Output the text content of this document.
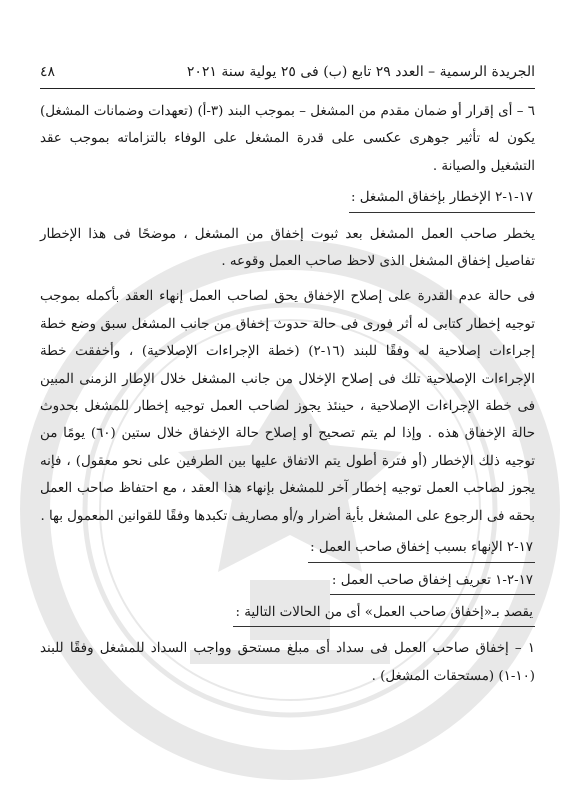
الجريدة الرسمية – العدد ٢٩ تابع (ب) فى ٢٥ يولية سنة ٢٠٢١
٤٨

٦ – أى إقرار أو ضمان مقدم من المشغل – بموجب البند (٣-أ) (تعهدات وضمانات المشغل) يكون له تأثير جوهرى عكسى على قدرة المشغل على الوفاء بالتزاماته بموجب عقد التشغيل والصيانة .

١٧-١-٢ الإخطار بإخفاق المشغل :

يخطر صاحب العمل المشغل بعد ثبوت إخفاق من المشغل ، موضحًا فى هذا الإخطار تفاصيل إخفاق المشغل الذى لاحظ صاحب العمل وقوعه .

فى حالة عدم القدرة على إصلاح الإخفاق يحق لصاحب العمل إنهاء العقد بأكمله بموجب توجيه إخطار كتابى له أثر فورى فى حالة حدوث إخفاق من جانب المشغل سبق وضع خطة إجراءات إصلاحية له وفقًا للبند (١٦-٢) (خطة الإجراءات الإصلاحية) ، وأخفقت خطة الإجراءات الإصلاحية تلك فى إصلاح الإخلال من جانب المشغل خلال الإطار الزمنى المبين فى خطة الإجراءات الإصلاحية ، حينئذ يجوز لصاحب العمل توجيه إخطار للمشغل بحدوث حالة الإخفاق هذه . وإذا لم يتم تصحيح أو إصلاح حالة الإخفاق خلال ستين (٦٠) يومًا من توجيه ذلك الإخطار (أو فترة أطول يتم الاتفاق عليها بين الطرفين على نحو معقول) ، فإنه يجوز لصاحب العمل توجيه إخطار آخر للمشغل بإنهاء هذا العقد ، مع احتفاظ صاحب العمل بحقه فى الرجوع على المشغل بأية أضرار و/أو مصاريف تكبدها وفقًا للقوانين المعمول بها .

١٧-٢ الإنهاء بسبب إخفاق صاحب العمل :

١٧-٢-١ تعريف إخفاق صاحب العمل :

يقصد بـ«إخفاق صاحب العمل» أى من الحالات التالية :

١ – إخفاق صاحب العمل فى سداد أى مبلغ مستحق وواجب السداد للمشغل وفقًا للبند (١٠-١) (مستحقات المشغل) .
